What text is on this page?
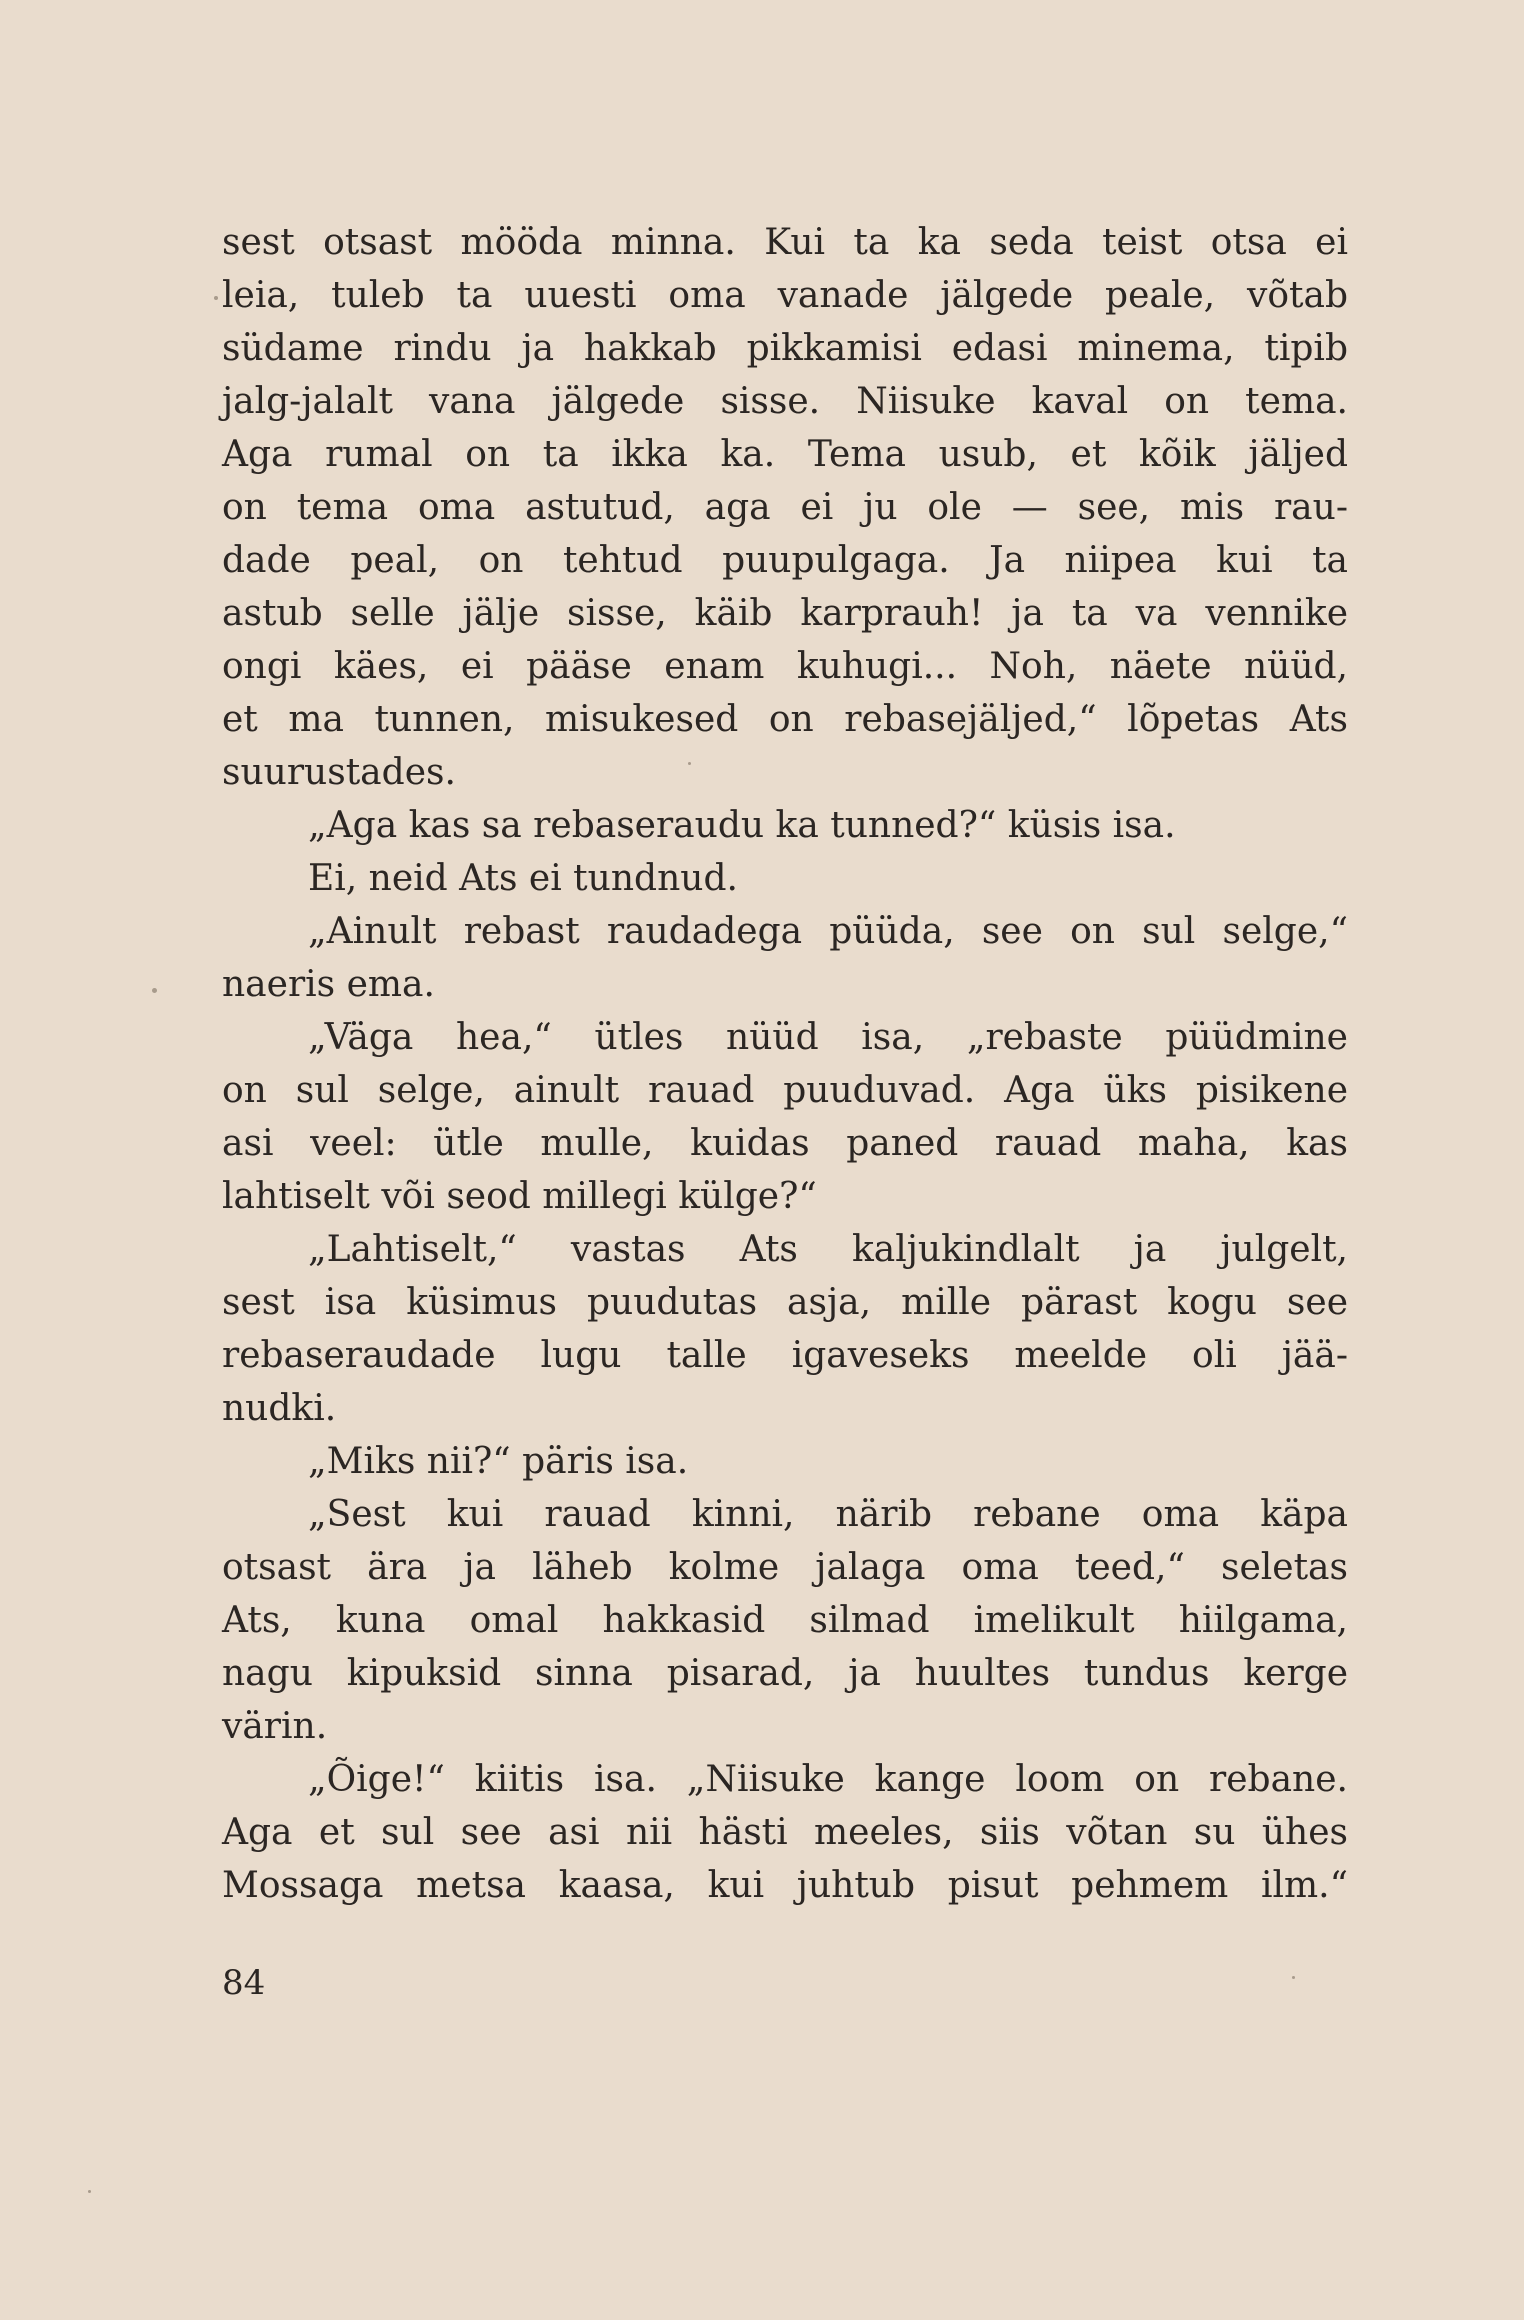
sest otsast mööda minna. Kui ta ka seda teist otsa ei
leia, tuleb ta uuesti oma vanade jälgede peale, võtab
südame rindu ja hakkab pikkamisi edasi minema, tipib
jalg-jalalt vana jälgede sisse. Niisuke kaval on tema.
Aga rumal on ta ikka ka. Tema usub, et kõik jäljed
on tema oma astutud, aga ei ju ole — see, mis rau-
dade peal, on tehtud puupulgaga. Ja niipea kui ta
astub selle jälje sisse, käib karprauh! ja ta va vennike
ongi käes, ei pääse enam kuhugi... Noh, näete nüüd,
et ma tunnen, misukesed on rebasejäljed,“ lõpetas Ats
suurustades.
„Aga kas sa rebaseraudu ka tunned?“ küsis isa.
Ei, neid Ats ei tundnud.
„Ainult rebast raudadega püüda, see on sul selge,“
naeris ema.
„Väga hea,“ ütles nüüd isa, „rebaste püüdmine
on sul selge, ainult rauad puuduvad. Aga üks pisikene
asi veel: ütle mulle, kuidas paned rauad maha, kas
lahtiselt või seod millegi külge?“
„Lahtiselt,“ vastas Ats kaljukindlalt ja julgelt,
sest isa küsimus puudutas asja, mille pärast kogu see
rebaseraudade lugu talle igaveseks meelde oli jää-
nudki.
„Miks nii?“ päris isa.
„Sest kui rauad kinni, närib rebane oma käpa
otsast ära ja läheb kolme jalaga oma teed,“ seletas
Ats, kuna omal hakkasid silmad imelikult hiilgama,
nagu kipuksid sinna pisarad, ja huultes tundus kerge
värin.
„Õige!“ kiitis isa. „Niisuke kange loom on rebane.
Aga et sul see asi nii hästi meeles, siis võtan su ühes
Mossaga metsa kaasa, kui juhtub pisut pehmem ilm.“
84
